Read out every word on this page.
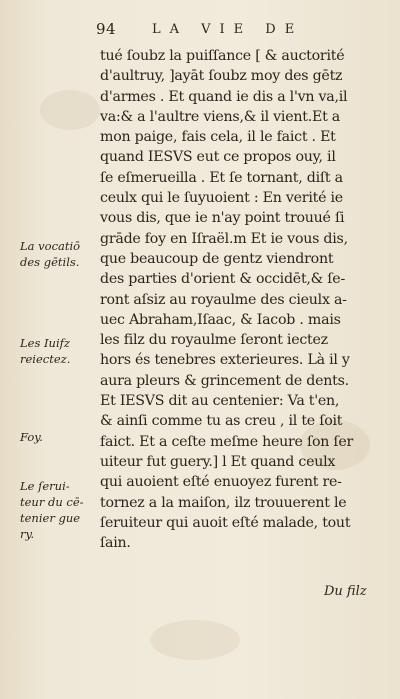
94	LA VIE DE
tué ſoubz la puiſſance [ & auctorité
d'aultruy, ]ayāt ſoubz moy des gētz
d'armes . Et quand ie dis a l'vn va,il
va:& a l'aultre viens,& il vient.Et a
mon paige, fais cela, il le faict . Et
quand IESVS eut ce propos ouy, il
ſe eſmerueilla . Et ſe tornant, diſt a
ceulx qui le ſuyuoient : En verité ie
vous dis, que ie n'ay point trouué ſi
grāde foy en Iſraël.m Et ie vous dis,
que beaucoup de gentz viendront
des parties d'orient & occidēt,& ſe-
ront aſsiz au royaulme des cieulx a-
uec Abraham,Iſaac, & Iacob . mais
les filz du royaulme ſeront iectez
hors és tenebres exterieures. Là il y
aura pleurs & grincement de dents.
Et IESVS dit au centenier: Va t'en,
& ainſi comme tu as creu , il te ſoit
faict. Et a ceſte meſme heure ſon ſer
uiteur fut guery.] l Et quand ceulx
qui auoient eſté enuoyez furent re-
tornez a la maiſon, ilz trouuerent le
ſeruiteur qui auoit eſté malade, tout
ſain.
La vocatiō
des gētils.
Les Iuifz
reiectez.
Foy.
Le ſerui-
teur du cē-
tenier gue
ry.
Du filz
